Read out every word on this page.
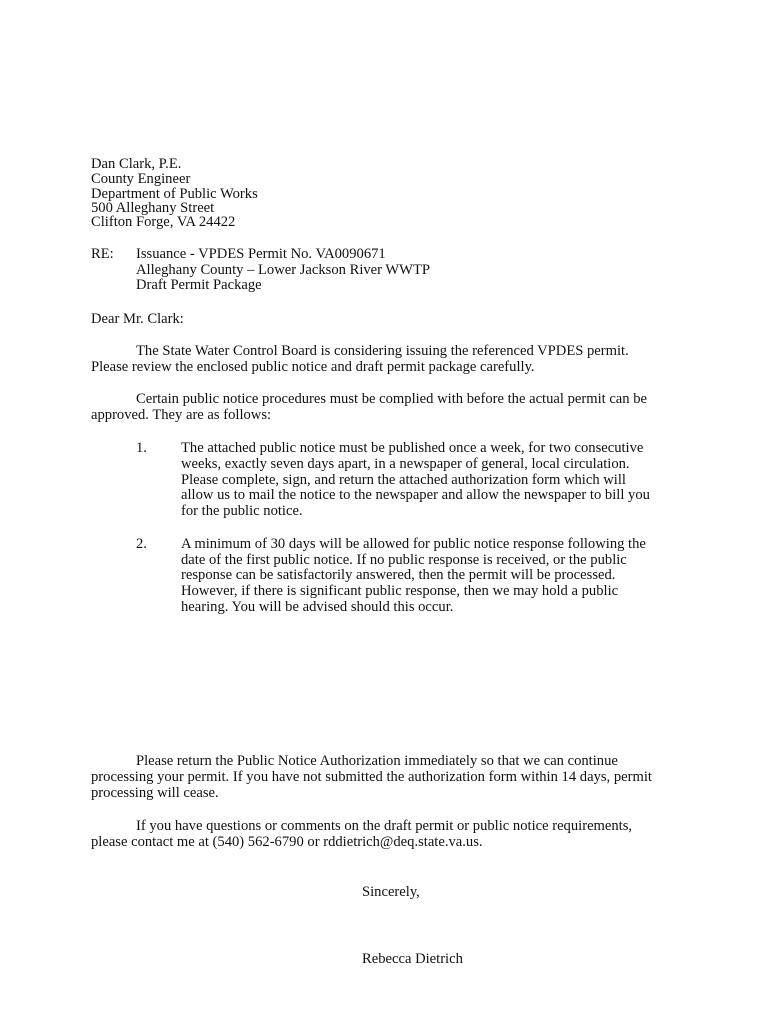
Dan Clark, P.E.
County Engineer
Department of Public Works
500 Alleghany Street
Clifton Forge, VA 24422
RE: Issuance - VPDES Permit No. VA0090671
Alleghany County – Lower Jackson River WWTP
Draft Permit Package
Dear Mr. Clark:
The State Water Control Board is considering issuing the referenced VPDES permit.
Please review the enclosed public notice and draft permit package carefully.
Certain public notice procedures must be complied with before the actual permit can be
approved. They are as follows:
1. The attached public notice must be published once a week, for two consecutive
weeks, exactly seven days apart, in a newspaper of general, local circulation.
Please complete, sign, and return the attached authorization form which will
allow us to mail the notice to the newspaper and allow the newspaper to bill you
for the public notice.
2. A minimum of 30 days will be allowed for public notice response following the
date of the first public notice. If no public response is received, or the public
response can be satisfactorily answered, then the permit will be processed.
However, if there is significant public response, then we may hold a public
hearing. You will be advised should this occur.
Please return the Public Notice Authorization immediately so that we can continue
processing your permit. If you have not submitted the authorization form within 14 days, permit
processing will cease.
If you have questions or comments on the draft permit or public notice requirements,
please contact me at (540) 562-6790 or rddietrich@deq.state.va.us.
Sincerely,
Rebecca Dietrich
